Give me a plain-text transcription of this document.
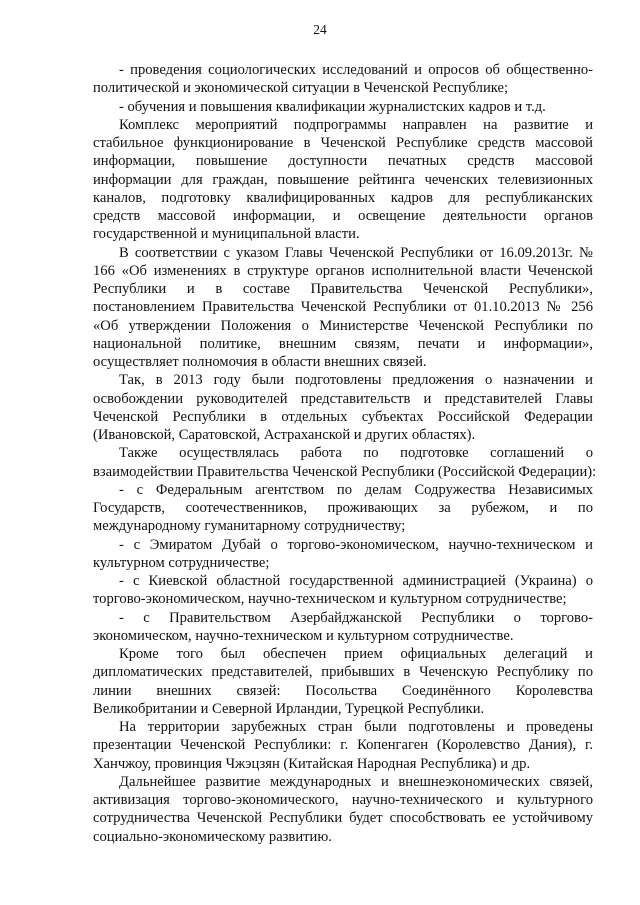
24
- проведения социологических исследований и опросов об общественно-
политической и экономической ситуации в Чеченской Республике;
- обучения и повышения квалификации журналистских кадров и т.д.
Комплекс мероприятий подпрограммы направлен на развитие и
стабильное функционирование в Чеченской Республике средств массовой
информации, повышение доступности печатных средств массовой
информации для граждан, повышение рейтинга чеченских телевизионных
каналов, подготовку квалифицированных кадров для республиканских
средств массовой информации, и освещение деятельности органов
государственной и муниципальной власти.
В соответствии с указом Главы Чеченской Республики от 16.09.2013г. №
166 «Об изменениях в структуре органов исполнительной власти Чеченской
Республики и в составе Правительства Чеченской Республики»,
постановлением Правительства Чеченской Республики от 01.10.2013 № 256
«Об утверждении Положения о Министерстве Чеченской Республики по
национальной политике, внешним связям, печати и информации»,
осуществляет полномочия в области внешних связей.
Так, в 2013 году были подготовлены предложения о назначении и
освобождении руководителей представительств и представителей Главы
Чеченской Республики в отдельных субъектах Российской Федерации
(Ивановской, Саратовской, Астраханской и других областях).
Также осуществлялась работа по подготовке соглашений о
взаимодействии Правительства Чеченской Республики (Российской Федерации):
- с Федеральным агентством по делам Содружества Независимых
Государств, соотечественников, проживающих за рубежом, и по
международному гуманитарному сотрудничеству;
- с Эмиратом Дубай о торгово-экономическом, научно-техническом и
культурном сотрудничестве;
- с Киевской областной государственной администрацией (Украина) о
торгово-экономическом, научно-техническом и культурном сотрудничестве;
- с Правительством Азербайджанской Республики о торгово-
экономическом, научно-техническом и культурном сотрудничестве.
Кроме того был обеспечен прием официальных делегаций и
дипломатических представителей, прибывших в Чеченскую Республику по
линии внешних связей: Посольства Соединённого Королевства
Великобритании и Северной Ирландии, Турецкой Республики.
На территории зарубежных стран были подготовлены и проведены
презентации Чеченской Республики: г. Копенгаген (Королевство Дания), г.
Ханчжоу, провинция Чжэцзян (Китайская Народная Республика) и др.
Дальнейшее развитие международных и внешнеэкономических связей,
активизация торгово-экономического, научно-технического и культурного
сотрудничества Чеченской Республики будет способствовать ее устойчивому
социально-экономическому развитию.
